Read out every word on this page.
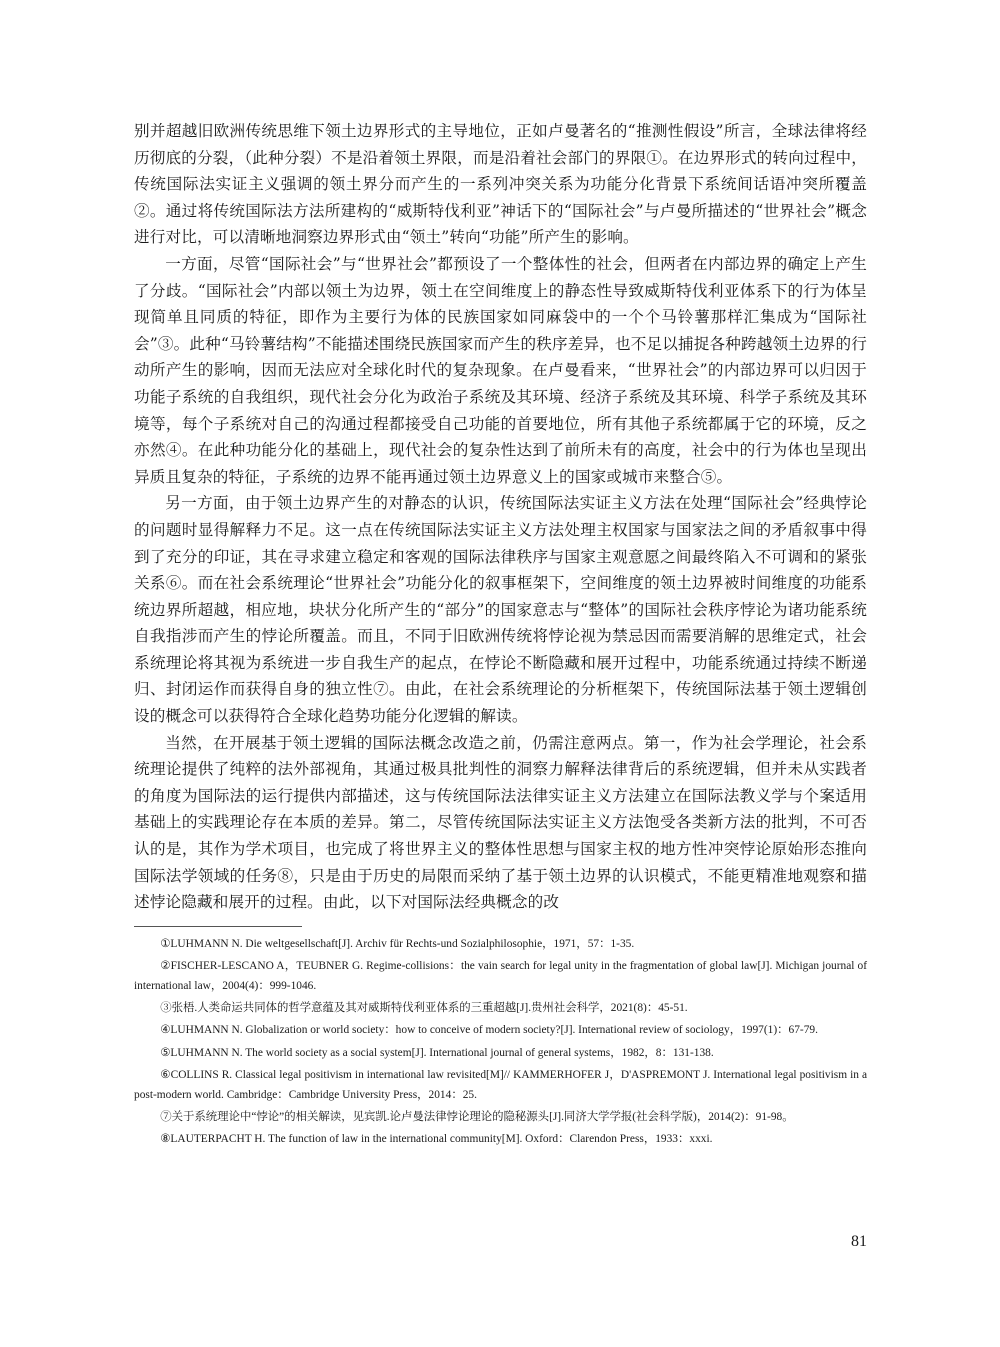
别并超越旧欧洲传统思维下领土边界形式的主导地位，正如卢曼著名的“推测性假设”所言，全球法律将经历彻底的分裂，（此种分裂）不是沿着领土界限，而是沿着社会部门的界限①。在边界形式的转向过程中，传统国际法实证主义强调的领土界分而产生的一系列冲突关系为功能分化背景下系统间话语冲突所覆盖②。通过将传统国际法方法所建构的“威斯特伐利亚”神话下的“国际社会”与卢曼所描述的“世界社会”概念进行对比，可以清晰地洞察边界形式由“领土”转向“功能”所产生的影响。

一方面，尽管“国际社会”与“世界社会”都预设了一个整体性的社会，但两者在内部边界的确定上产生了分歧。“国际社会”内部以领土为边界，领土在空间维度上的静态性导致威斯特伐利亚体系下的行为体呈现简单且同质的特征，即作为主要行为体的民族国家如同麻袋中的一个个马铃薯那样汇集成为“国际社会”③。此种“马铃薯结构”不能描述围绕民族国家而产生的秩序差异，也不足以捕捉各种跨越领土边界的行动所产生的影响，因而无法应对全球化时代的复杂现象。在卢曼看来，“世界社会”的内部边界可以归因于功能子系统的自我组织，现代社会分化为政治子系统及其环境、经济子系统及其环境、科学子系统及其环境等，每个子系统对自己的沟通过程都接受自己功能的首要地位，所有其他子系统都属于它的环境，反之亦然④。在此种功能分化的基础上，现代社会的复杂性达到了前所未有的高度，社会中的行为体也呈现出异质且复杂的特征，子系统的边界不能再通过领土边界意义上的国家或城市来整合⑤。

另一方面，由于领土边界产生的对静态的认识，传统国际法实证主义方法在处理“国际社会”经典悖论的问题时显得解释力不足。这一点在传统国际法实证主义方法处理主权国家与国家法之间的矛盾叙事中得到了充分的印证，其在寻求建立稳定和客观的国际法律秩序与国家主观意愿之间最终陷入不可调和的紧张关系⑥。而在社会系统理论“世界社会”功能分化的叙事框架下，空间维度的领土边界被时间维度的功能系统边界所超越，相应地，块状分化所产生的“部分”的国家意志与“整体”的国际社会秩序悖论为诸功能系统自我指涉而产生的悖论所覆盖。而且，不同于旧欧洲传统将悖论视为禁忌因而需要消解的思维定式，社会系统理论将其视为系统进一步自我生产的起点，在悖论不断隐藏和展开过程中，功能系统通过持续不断递归、封闭运作而获得自身的独立性⑦。由此，在社会系统理论的分析框架下，传统国际法基于领土逻辑创设的概念可以获得符合全球化趋势功能分化逻辑的解读。

当然，在开展基于领土逻辑的国际法概念改造之前，仍需注意两点。第一，作为社会学理论，社会系统理论提供了纯粹的法外部视角，其通过极具批判性的洞察力解释法律背后的系统逻辑，但并未从实践者的角度为国际法的运行提供内部描述，这与传统国际法法律实证主义方法建立在国际法教义学与个案适用基础上的实践理论存在本质的差异。第二，尽管传统国际法实证主义方法饱受各类新方法的批判，不可否认的是，其作为学术项目，也完成了将世界主义的整体性思想与国家主权的地方性冲突悖论原始形态推向国际法学领域的任务⑧，只是由于历史的局限而采纳了基于领土边界的认识模式，不能更精准地观察和描述悖论隐藏和展开的过程。由此，以下对国际法经典概念的改

①LUHMANN N. Die weltgesellschaft[J]. Archiv für Rechts-und Sozialphilosophie，1971，57：1-35.

②FISCHER-LESCANO A，TEUBNER G. Regime-collisions：the vain search for legal unity in the fragmentation of global law[J]. Michigan journal of international law，2004(4)：999-1046.

③张梧.人类命运共同体的哲学意蕴及其对威斯特伐利亚体系的三重超越[J].贵州社会科学，2021(8)：45-51.

④LUHMANN N. Globalization or world society：how to conceive of modern society?[J]. International review of sociology，1997(1)：67-79.

⑤LUHMANN N. The world society as a social system[J]. International journal of general systems，1982，8：131-138.

⑥COLLINS R. Classical legal positivism in international law revisited[M]// KAMMERHOFER J，D'ASPREMONT J. International legal positivism in a post-modern world. Cambridge：Cambridge University Press，2014：25.

⑦关于系统理论中“悖论”的相关解读，见宾凯.论卢曼法律悖论理论的隐秘源头[J].同济大学学报(社会科学版)，2014(2)：91-98。

⑧LAUTERPACHT H. The function of law in the international community[M]. Oxford：Clarendon Press，1933：xxxi.

81
